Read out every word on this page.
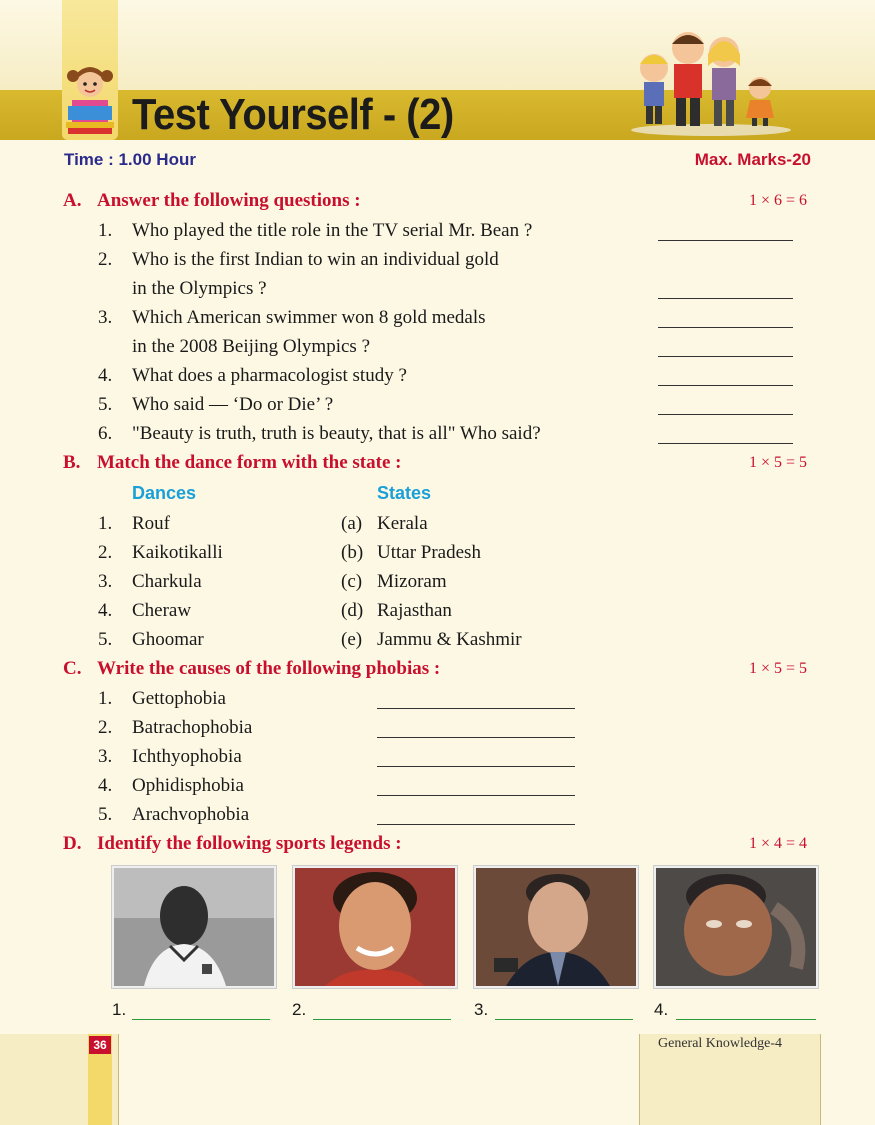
Test Yourself - (2)
Time : 1.00 Hour	Max. Marks-20
A. Answer the following questions :	1 × 6 = 6
1. Who played the title role in the TV serial Mr. Bean ?
2. Who is the first Indian to win an individual gold
in the Olympics ?
3. Which American swimmer won 8 gold medals
in the 2008 Beijing Olympics ?
4. What does a pharmacologist study ?
5. Who said — ‘Do or Die’ ?
6. "Beauty is truth, truth is beauty, that is all" Who said?
B. Match the dance form with the state :	1 × 5 = 5
Dances	States
1. Rouf	(a) Kerala
2. Kaikotikalli	(b) Uttar Pradesh
3. Charkula	(c) Mizoram
4. Cheraw	(d) Rajasthan
5. Ghoomar	(e) Jammu & Kashmir
C. Write the causes of the following phobias :	1 × 5 = 5
1. Gettophobia
2. Batrachophobia
3. Ichthyophobia
4. Ophidisphobia
5. Arachvophobia
D. Identify the following sports legends :	1 × 4 = 4
1.	2.	3.	4.
36	General Knowledge-4
